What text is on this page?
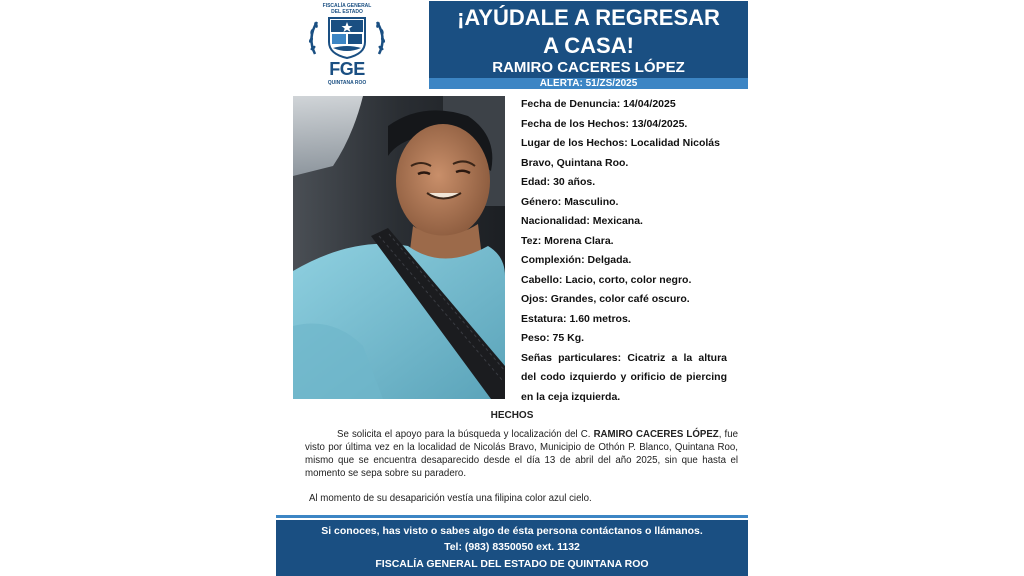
FISCALÍA GENERAL
DEL ESTADO
FGE
QUINTANA ROO
¡AYÚDALE A REGRESAR
A CASA!
RAMIRO CACERES LÓPEZ
ALERTA: 51/ZS/2025
Fecha de Denuncia: 14/04/2025
Fecha de los Hechos: 13/04/2025.
Lugar de los Hechos: Localidad Nicolás Bravo, Quintana Roo.
Edad: 30 años.
Género: Masculino.
Nacionalidad: Mexicana.
Tez: Morena Clara.
Complexión: Delgada.
Cabello: Lacio, corto, color negro.
Ojos: Grandes, color café oscuro.
Estatura: 1.60 metros.
Peso: 75 Kg.
Señas particulares: Cicatriz a la altura del codo izquierdo y orificio de piercing en la ceja izquierda.
HECHOS
Se solicita el apoyo para la búsqueda y localización del C. RAMIRO CACERES LÓPEZ, fue visto por última vez en la localidad de Nicolás Bravo, Municipio de Othón P. Blanco, Quintana Roo, mismo que se encuentra desaparecido desde el día 13 de abril del año 2025, sin que hasta el momento se sepa sobre su paradero.
Al momento de su desaparición vestía una filipina color azul cielo.
Si conoces, has visto o sabes algo de ésta persona contáctanos o llámanos.
Tel: (983) 8350050 ext. 1132
FISCALÍA GENERAL DEL ESTADO DE QUINTANA ROO
